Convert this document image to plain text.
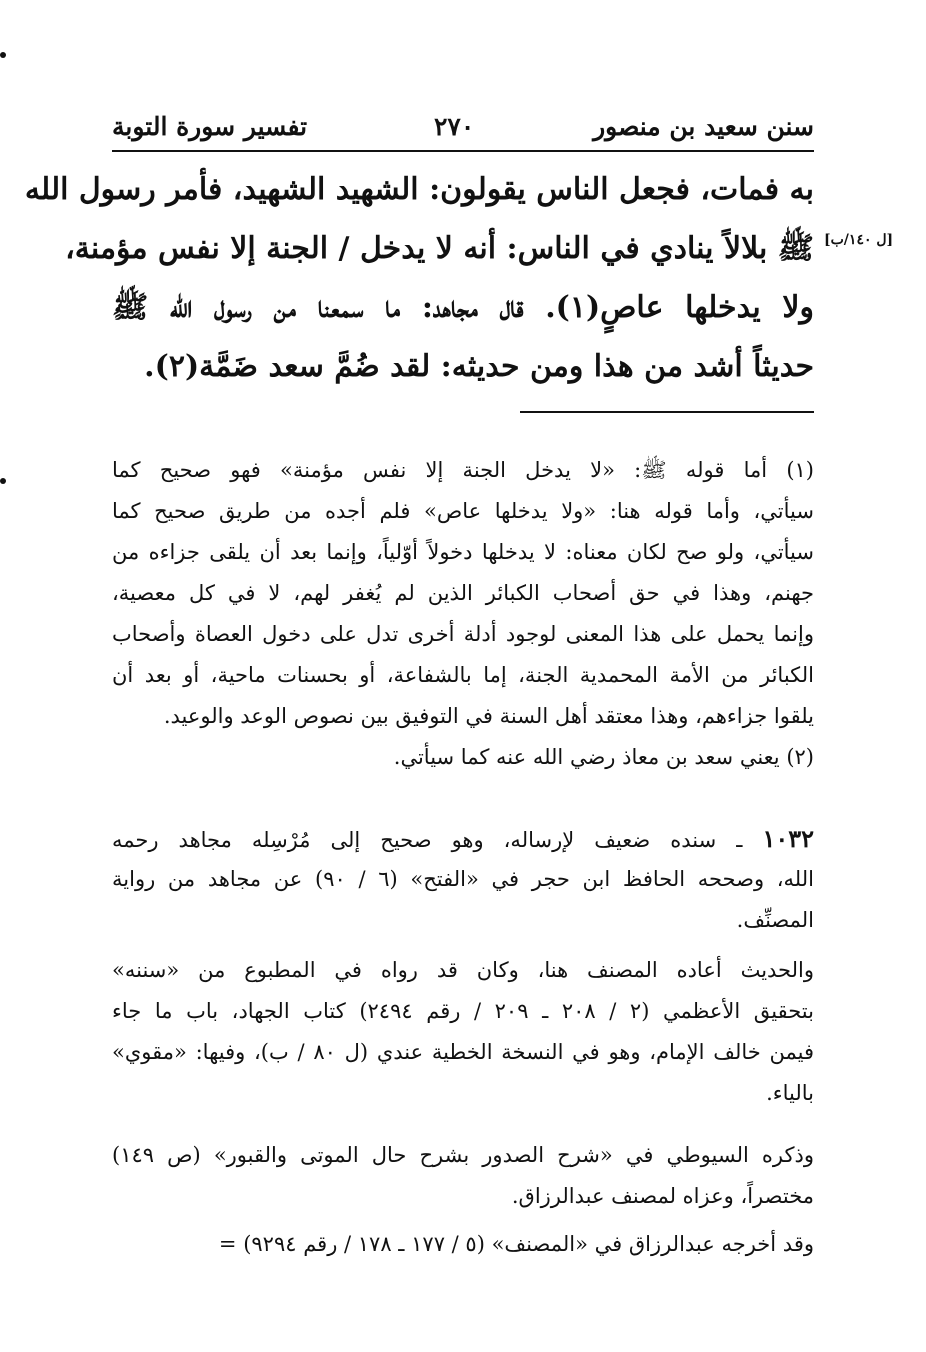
تفسير سورة التوبة	٢٧٠	سنن سعيد بن منصور
[ل ١٤٠/ب]
به فمات، فجعل الناس يقولون: الشهيد الشهيد، فأمر رسول الله
ﷺ بلالاً ينادي في الناس: أنه لا يدخل / الجنة إلا نفس مؤمنة،
ولا يدخلها عاصٍ(١). قال مجاهد: ما سمعنا من رسول الله ﷺ
حديثاً أشد من هذا ومن حديثه: لقد ضُمَّ سعد ضَمَّة(٢).
(١) أما قوله ﷺ: «لا يدخل الجنة إلا نفس مؤمنة» فهو صحيح كما
سيأتي، وأما قوله هنا: «ولا يدخلها عاص» فلم أجده من طريق صحيح كما
سيأتي، ولو صح لكان معناه: لا يدخلها دخولاً أوّلياً، وإنما بعد أن يلقى جزاءه من
جهنم، وهذا في حق أصحاب الكبائر الذين لم يُغفر لهم، لا في كل معصية،
وإنما يحمل على هذا المعنى لوجود أدلة أخرى تدل على دخول العصاة وأصحاب
الكبائر من الأمة المحمدية الجنة، إما بالشفاعة، أو بحسنات ماحية، أو بعد أن
يلقوا جزاءهم، وهذا معتقد أهل السنة في التوفيق بين نصوص الوعد والوعيد.
(٢) يعني سعد بن معاذ رضي الله عنه كما سيأتي.
١٠٣٢ ـ سنده ضعيف لإرساله، وهو صحيح إلى مُرْسِله مجاهد رحمه
الله، وصححه الحافظ ابن حجر في «الفتح» (٦ / ٩٠) عن مجاهد من رواية
المصنِّف.
والحديث أعاده المصنف هنا، وكان قد رواه في المطبوع من «سننه»
بتحقيق الأعظمي (٢ / ٢٠٨ ـ ٢٠٩ / رقم ٢٤٩٤) كتاب الجهاد، باب ما جاء
فيمن خالف الإمام، وهو في النسخة الخطية عندي (ل ٨٠ / ب)، وفيها: «مقوي»
بالياء.
وذكره السيوطي في «شرح الصدور بشرح حال الموتى والقبور» (ص ١٤٩)
مختصراً، وعزاه لمصنف عبدالرزاق.
وقد أخرجه عبدالرزاق في «المصنف» (٥ / ١٧٧ ـ ١٧٨ / رقم ٩٢٩٤) =
